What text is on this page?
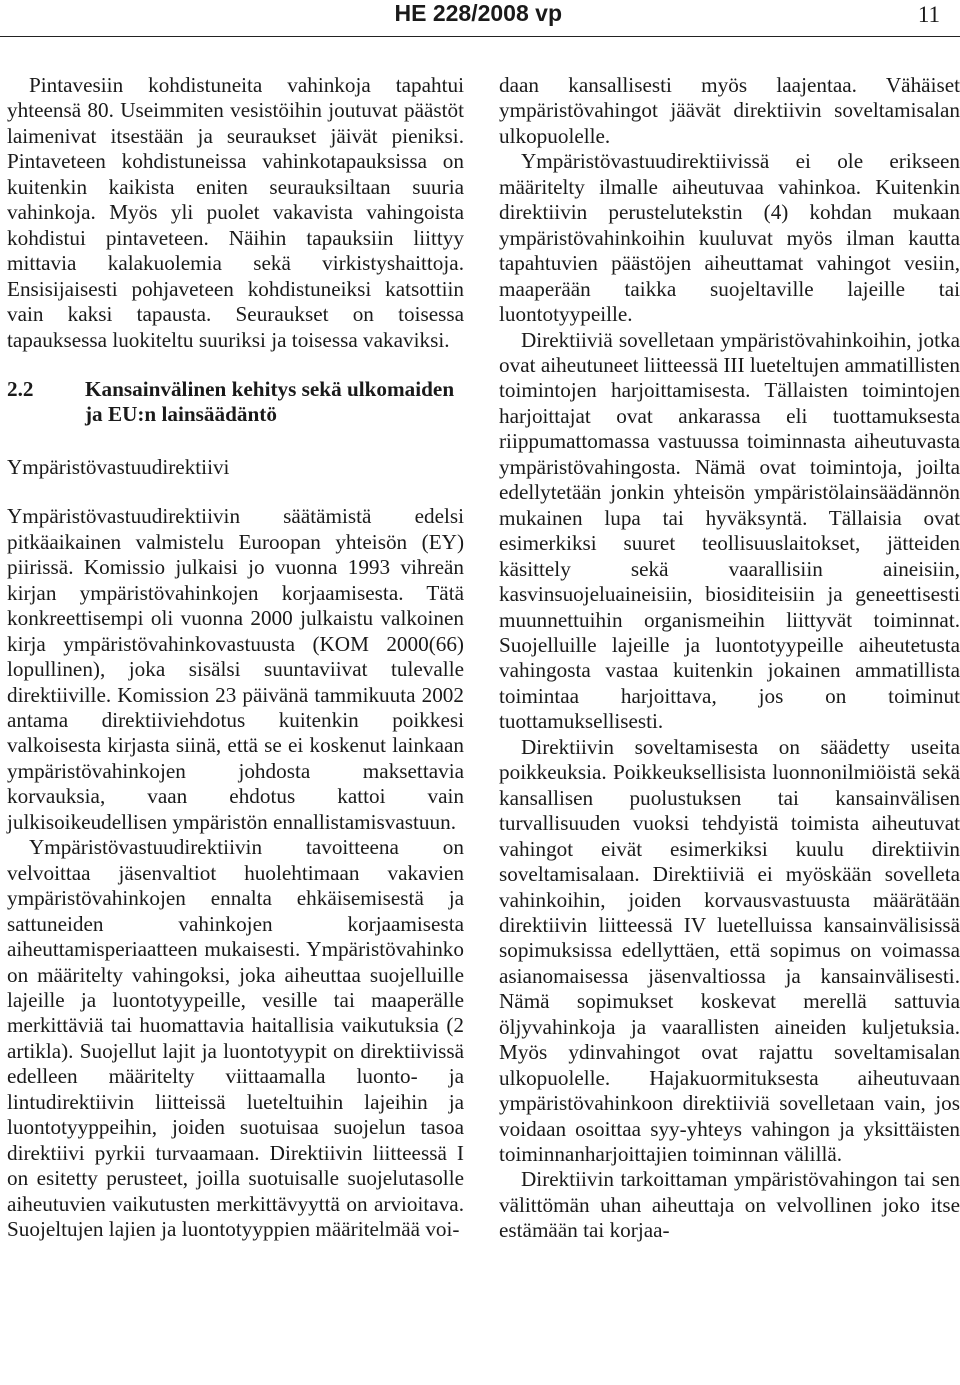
HE 228/2008 vp	11

Pintavesiin kohdistuneita vahinkoja tapahtui yhteensä 80. Useimmiten vesistöihin joutuvat päästöt laimenivat itsestään ja seuraukset jäivät pieniksi. Pintaveteen kohdistuneissa vahinkotapauksissa on kuitenkin kaikista eniten seurauksiltaan suuria vahinkoja. Myös yli puolet vakavista vahingoista kohdistui pintaveteen. Näihin tapauksiin liittyy mittavia kalakuolemia sekä virkistyshaittoja. Ensisijaisesti pohjaveteen kohdistuneiksi katsottiin vain kaksi tapausta. Seuraukset on toisessa tapauksessa luokiteltu suuriksi ja toisessa vakaviksi.

2.2	Kansainvälinen kehitys sekä ulkomaiden ja EU:n lainsäädäntö
Ympäristövastuudirektiivi

Ympäristövastuudirektiivin säätämistä edelsi pitkäaikainen valmistelu Euroopan yhteisön (EY) piirissä. Komissio julkaisi jo vuonna 1993 vihreän kirjan ympäristövahinkojen korjaamisesta. Tätä konkreettisempi oli vuonna 2000 julkaistu valkoinen kirja ympäristövahinkovastuusta (KOM 2000(66) lopullinen), joka sisälsi suuntaviivat tulevalle direktiiville. Komission 23 päivänä tammikuuta 2002 antama direktiiviehdotus kuitenkin poikkesi valkoisesta kirjasta siinä, että se ei koskenut lainkaan ympäristövahinkojen johdosta maksettavia korvauksia, vaan ehdotus kattoi vain julkisoikeudellisen ympäristön ennallistamisvastuun.

Ympäristövastuudirektiivin tavoitteena on velvoittaa jäsenvaltiot huolehtimaan vakavien ympäristövahinkojen ennalta ehkäisemisestä ja sattuneiden vahinkojen korjaamisesta aiheuttamisperiaatteen mukaisesti. Ympäristövahinko on määritelty vahingoksi, joka aiheuttaa suojelluille lajeille ja luontotyypeille, vesille tai maaperälle merkittäviä tai huomattavia haitallisia vaikutuksia (2 artikla). Suojellut lajit ja luontotyypit on direktiivissä edelleen määritelty viittaamalla luonto- ja lintudirektiivin liitteissä lueteltuihin lajeihin ja luontotyyppeihin, joiden suotuisaa suojelun tasoa direktiivi pyrkii turvaamaan. Direktiivin liitteessä I on esitetty perusteet, joilla suotuisalle suojelutasolle aiheutuvien vaikutusten merkittävyyttä on arvioitava. Suojeltujen lajien ja luontotyyppien määritelmää voi-

daan kansallisesti myös laajentaa. Vähäiset ympäristövahingot jäävät direktiivin soveltamisalan ulkopuolelle.

Ympäristövastuudirektiivissä ei ole erikseen määritelty ilmalle aiheutuvaa vahinkoa. Kuitenkin direktiivin perustelutekstin (4) kohdan mukaan ympäristövahinkoihin kuuluvat myös ilman kautta tapahtuvien päästöjen aiheuttamat vahingot vesiin, maaperään taikka suojeltaville lajeille tai luontotyypeille.

Direktiiviä sovelletaan ympäristövahinkoihin, jotka ovat aiheutuneet liitteessä III lueteltujen ammatillisten toimintojen harjoittamisesta. Tällaisten toimintojen harjoittajat ovat ankarassa eli tuottamuksesta riippumattomassa vastuussa toiminnasta aiheutuvasta ympäristövahingosta. Nämä ovat toimintoja, joilta edellytetään jonkin yhteisön ympäristölainsäädännön mukainen lupa tai hyväksyntä. Tällaisia ovat esimerkiksi suuret teollisuuslaitokset, jätteiden käsittely sekä vaarallisiin aineisiin, kasvinsuojeluaineisiin, biosiditeisiin ja geneettisesti muunnettuihin organismeihin liittyvät toiminnat. Suojelluille lajeille ja luontotyypeille aiheutetusta vahingosta vastaa kuitenkin jokainen ammatillista toimintaa harjoittava, jos on toiminut tuottamuksellisesti.

Direktiivin soveltamisesta on säädetty useita poikkeuksia. Poikkeuksellisista luonnonilmiöistä sekä kansallisen puolustuksen tai kansainvälisen turvallisuuden vuoksi tehdyistä toimista aiheutuvat vahingot eivät esimerkiksi kuulu direktiivin soveltamisalaan. Direktiiviä ei myöskään sovelleta vahinkoihin, joiden korvausvastuusta määrätään direktiivin liitteessä IV luetelluissa kansainvälisissä sopimuksissa edellyttäen, että sopimus on voimassa asianomaisessa jäsenvaltiossa ja kansainvälisesti. Nämä sopimukset koskevat merellä sattuvia öljyvahinkoja ja vaarallisten aineiden kuljetuksia. Myös ydinvahingot ovat rajattu soveltamisalan ulkopuolelle. Hajakuormituksesta aiheutuvaan ympäristövahinkoon direktiiviä sovelletaan vain, jos voidaan osoittaa syy-yhteys vahingon ja yksittäisten toiminnanharjoittajien toiminnan välillä.

Direktiivin tarkoittaman ympäristövahingon tai sen välittömän uhan aiheuttaja on velvollinen joko itse estämään tai korjaa-
